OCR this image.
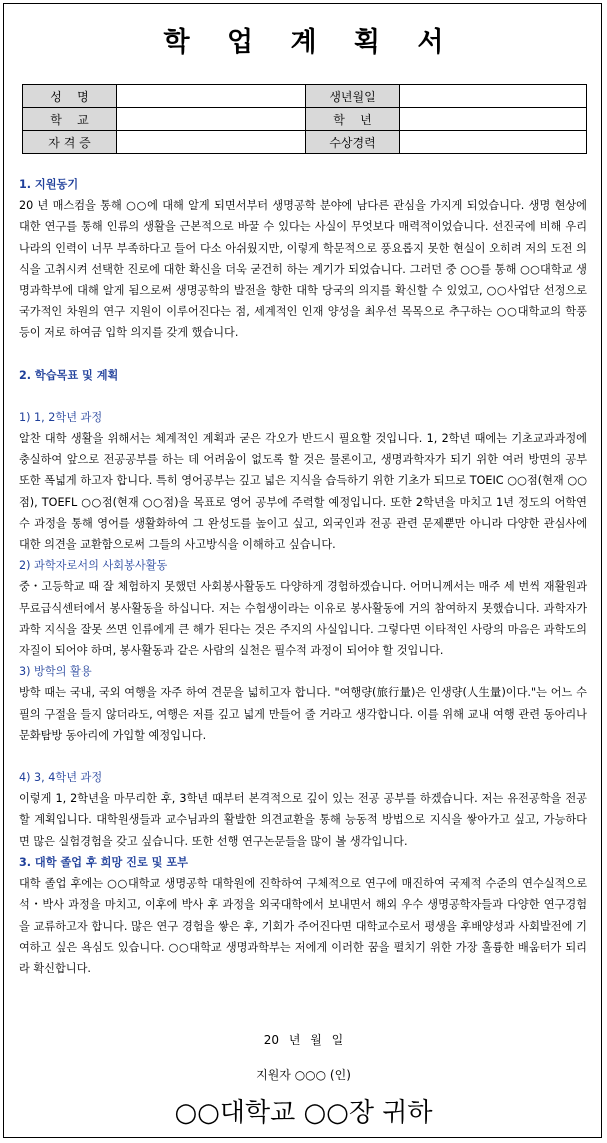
학 업 계 획 서
성    명		생년월일	
학    교		학    년	
자 격 증		수상경력	

1. 지원동기

20 년 매스컴을 통해 ○○에 대해 알게 되면서부터 생명공학 분야에 남다른 관심을 가지게 되었습니다. 생명 현상에 대한 연구를 통해 인류의 생활을 근본적으로 바꿀 수 있다는 사실이 무엇보다 매력적이었습니다. 선진국에 비해 우리나라의 인력이 너무 부족하다고 들어 다소 아쉬웠지만, 이렇게 학문적으로 풍요롭지 못한 현실이 오히려 저의 도전 의식을 고취시켜 선택한 진로에 대한 확신을 더욱 굳건히 하는 계기가 되었습니다. 그러던 중 ○○를 통해 ○○대학교 생명과학부에 대해 알게 됨으로써 생명공학의 발전을 향한 대학 당국의 의지를 확신할 수 있었고, ○○사업단 선정으로 국가적인 차원의 연구 지원이 이루어진다는 점, 세계적인 인재 양성을 최우선 목목으로 추구하는 ○○대학교의 학풍 등이 저로 하여금 입학 의지를 갖게 했습니다.

2. 학습목표 및 계획

1) 1, 2학년 과정

알찬 대학 생활을 위해서는 체계적인 계획과 굳은 각오가 반드시 필요할 것입니다. 1, 2학년 때에는 기초교과과정에 충실하여 앞으로 전공공부를 하는 데 어려움이 없도록 할 것은 물론이고, 생명과학자가 되기 위한 여러 방면의 공부 또한 폭넓게 하고자 합니다. 특히 영어공부는 깊고 넓은 지식을 습득하기 위한 기초가 되므로 TOEIC ○○점(현재 ○○점), TOEFL ○○점(현재 ○○점)을 목표로 영어 공부에 주력할 예정입니다. 또한 2학년을 마치고 1년 정도의 어학연수 과정을 통해 영어를 생활화하여 그 완성도를 높이고 싶고, 외국인과 전공 관련 문제뿐만 아니라 다양한 관심사에 대한 의견을 교환함으로써 그들의 사고방식을 이해하고 싶습니다.

2) 과학자로서의 사회봉사활동

중・고등학교 때 잘 체험하지 못했던 사회봉사활동도 다양하게 경험하겠습니다. 어머니께서는 매주 세 번씩 재활원과 무료급식센터에서 봉사활동을 하십니다. 저는 수험생이라는 이유로 봉사활동에 거의 참여하지 못했습니다. 과학자가 과학 지식을 잘못 쓰면 인류에게 큰 해가 된다는 것은 주지의 사실입니다. 그렇다면 이타적인 사랑의 마음은 과학도의 자질이 되어야 하며, 봉사활동과 같은 사람의 실천은 필수적 과정이 되어야 할 것입니다.

3) 방학의 활용

방학 때는 국내, 국외 여행을 자주 하여 견문을 넓히고자 합니다. "여행량(旅行量)은 인생량(人生量)이다."는 어느 수필의 구절을 들지 않더라도, 여행은 저를 깊고 넓게 만들어 줄 거라고 생각합니다. 이를 위해 교내 여행 관련 동아리나 문화탐방 동아리에 가입할 예정입니다.

4) 3, 4학년 과정

이렇게 1, 2학년을 마무리한 후, 3학년 때부터 본격적으로 깊이 있는 전공 공부를 하겠습니다. 저는 유전공학을 전공할 계획입니다. 대학원생들과 교수님과의 활발한 의견교환을 통해 능동적 방법으로 지식을 쌓아가고 싶고, 가능하다면 많은 실험경험을 갖고 싶습니다. 또한 선행 연구논문들을 많이 볼 생각입니다.

3. 대학 졸업 후 희망 진로 및 포부

대학 졸업 후에는 ○○대학교 생명공학 대학원에 진학하여 구체적으로 연구에 매진하여 국제적 수준의 연수실적으로 석・박사 과정을 마치고, 이후에 박사 후 과정을 외국대학에서 보내면서 해외 우수 생명공학자들과 다양한 연구경험을 교류하고자 합니다. 많은 연구 경험을 쌓은 후, 기회가 주어진다면 대학교수로서 평생을 후배양성과 사회발전에 기여하고 싶은 욕심도 있습니다. ○○대학교 생명과학부는 저에게 이러한 꿈을 펼치기 위한 가장 훌륭한 배움터가 되리라 확신합니다.

20 년 월 일
지원자 ○○○ (인)
○○대학교 ○○장 귀하
